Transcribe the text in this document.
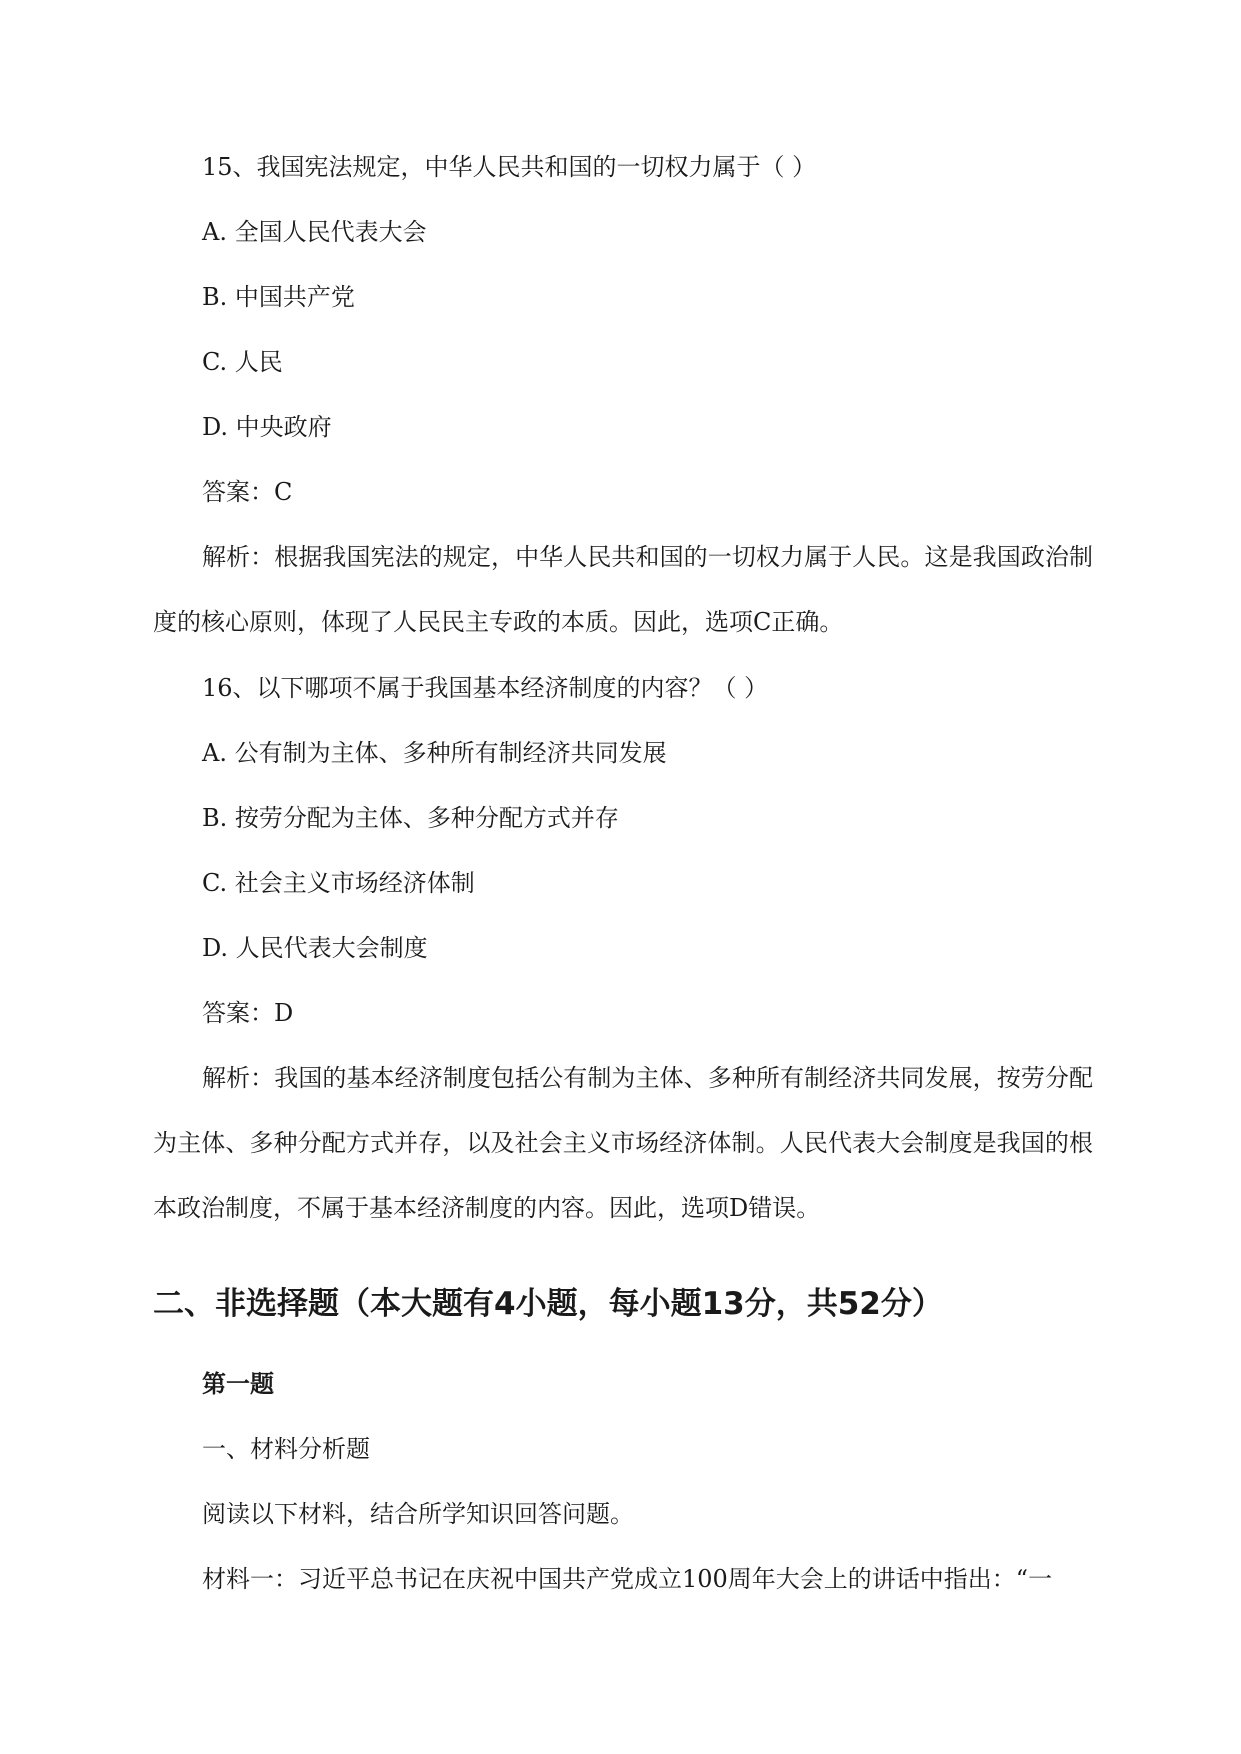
15、我国宪法规定，中华人民共和国的一切权力属于（ ）
A. 全国人民代表大会
B. 中国共产党
C. 人民
D. 中央政府
答案：C
解析：根据我国宪法的规定，中华人民共和国的一切权力属于人民。这是我国政治制度的核心原则，体现了人民民主专政的本质。因此，选项C正确。
16、以下哪项不属于我国基本经济制度的内容？（ ）
A. 公有制为主体、多种所有制经济共同发展
B. 按劳分配为主体、多种分配方式并存
C. 社会主义市场经济体制
D. 人民代表大会制度
答案：D
解析：我国的基本经济制度包括公有制为主体、多种所有制经济共同发展，按劳分配为主体、多种分配方式并存，以及社会主义市场经济体制。人民代表大会制度是我国的根本政治制度，不属于基本经济制度的内容。因此，选项D错误。
二、非选择题（本大题有4小题，每小题13分，共52分）
第一题
一、材料分析题
阅读以下材料，结合所学知识回答问题。
材料一：习近平总书记在庆祝中国共产党成立100周年大会上的讲话中指出：“一
